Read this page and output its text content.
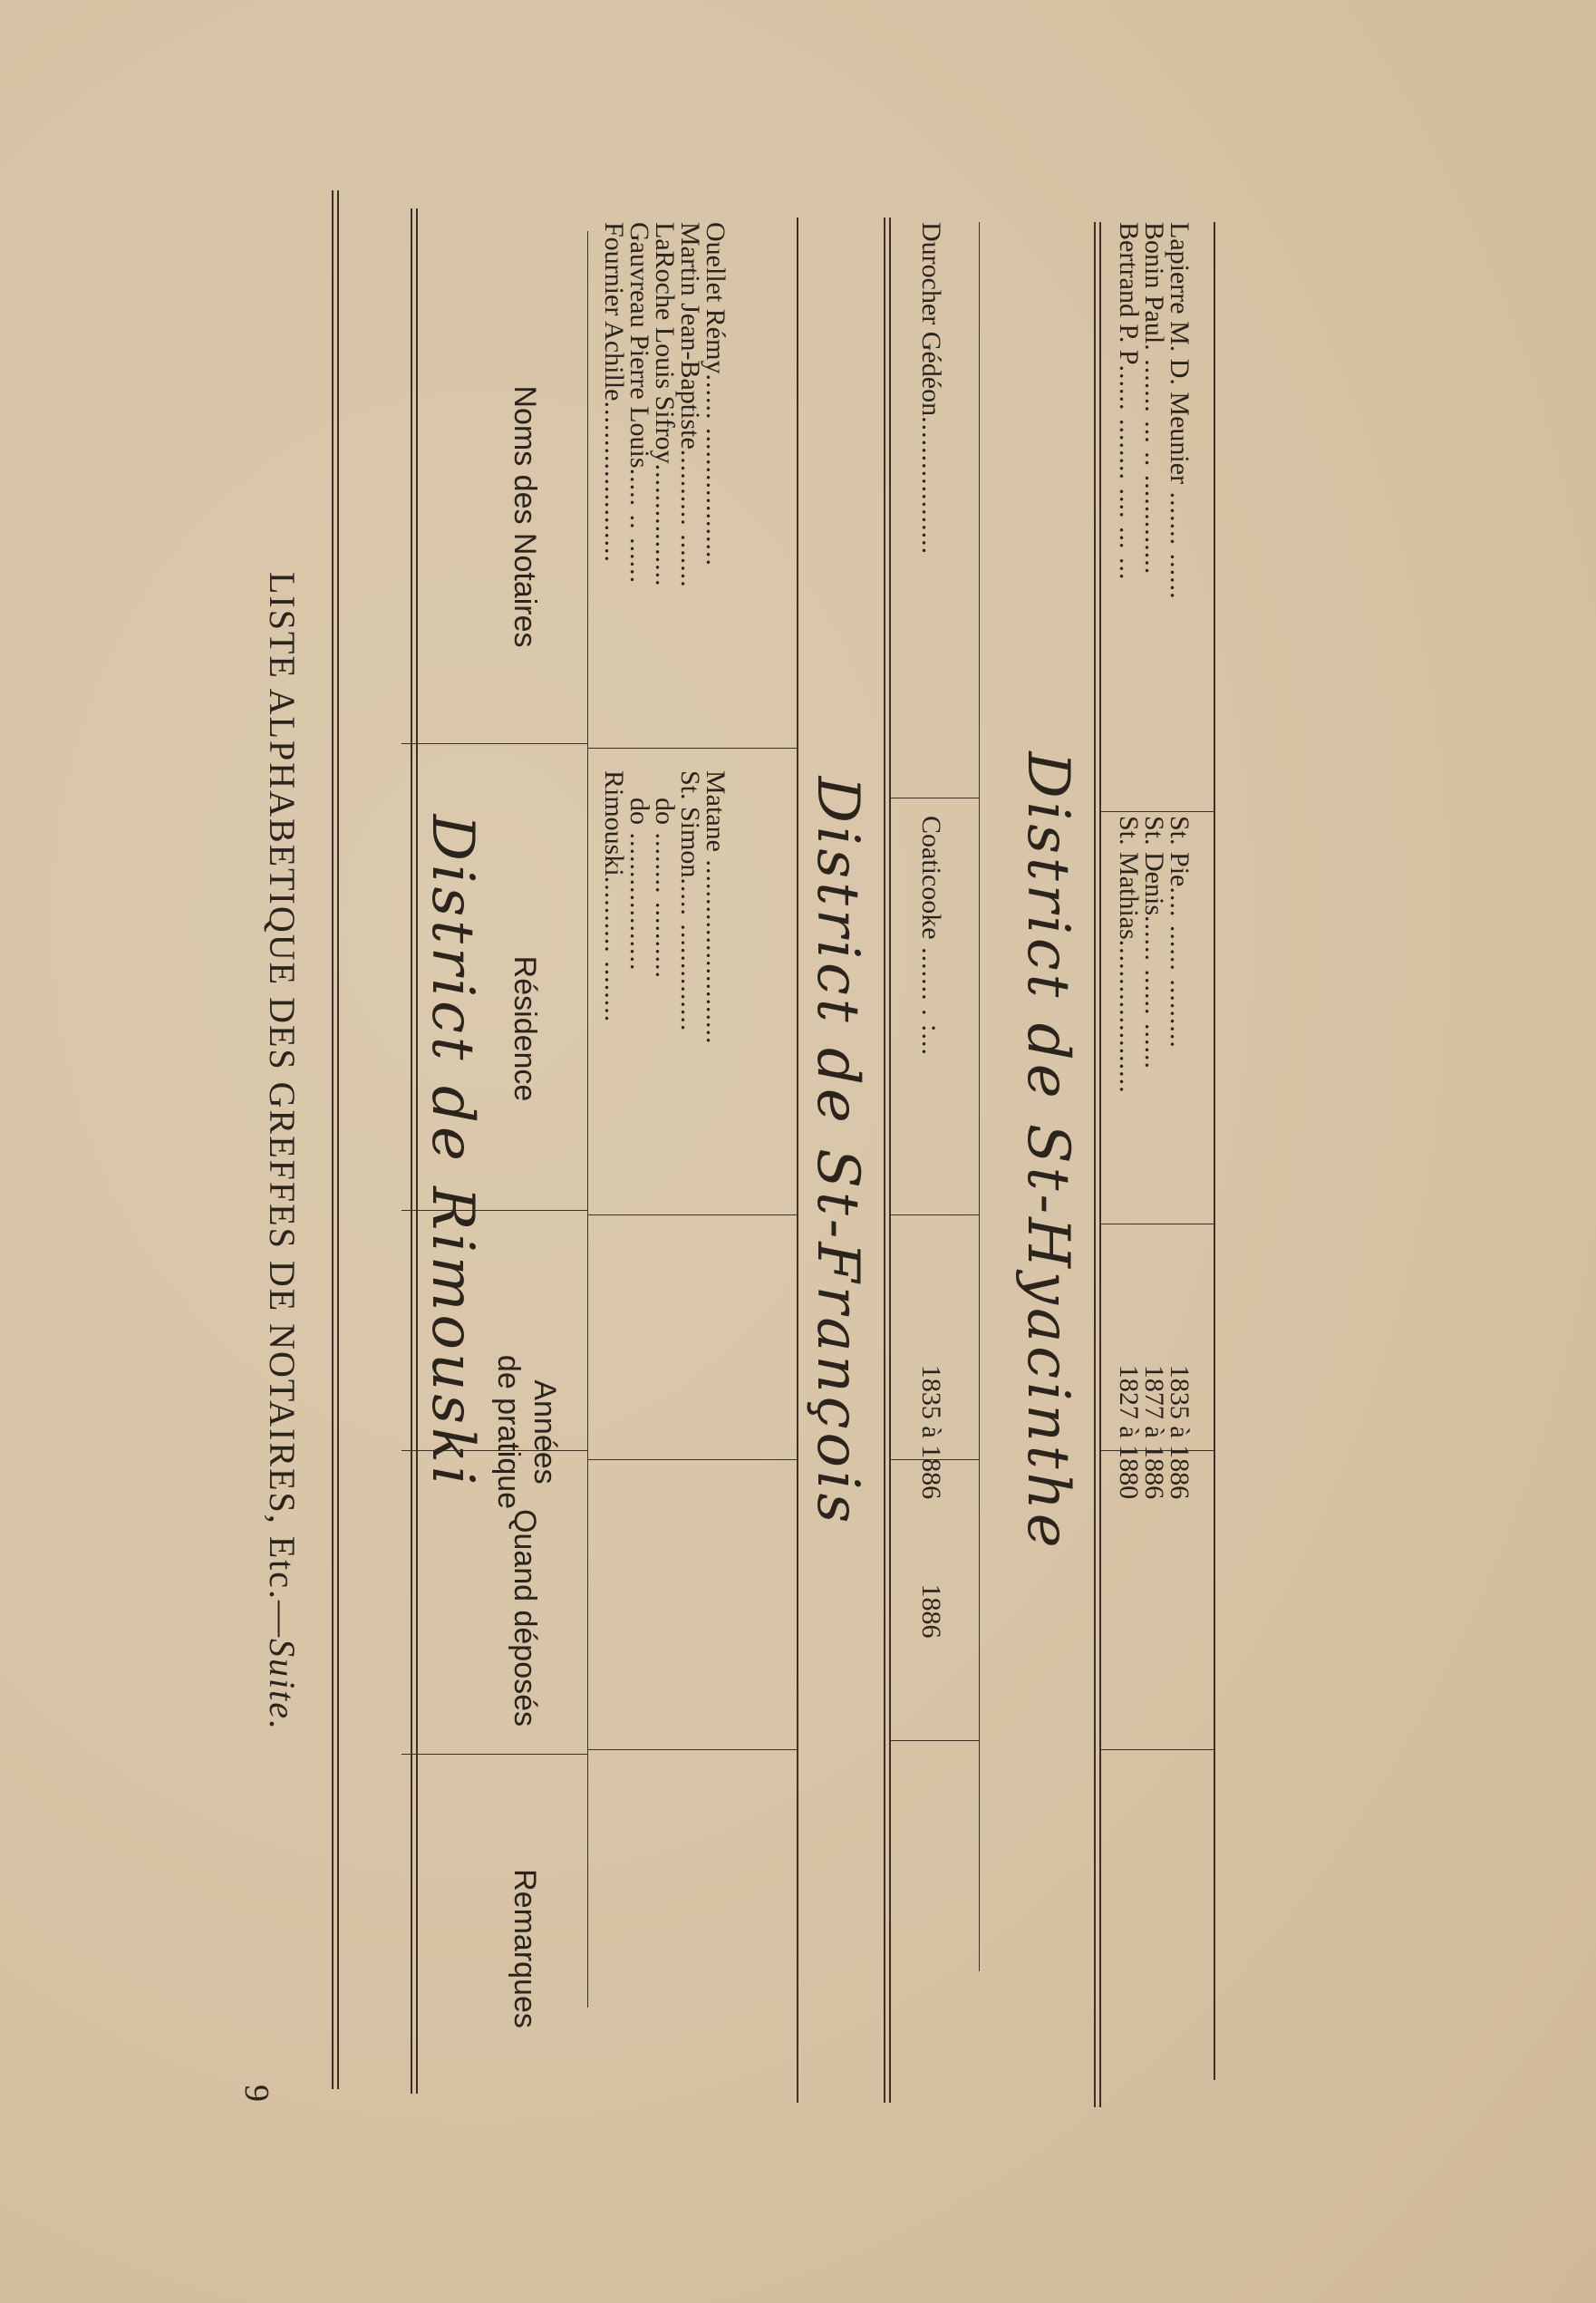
9
LISTE ALPHABETIQUE DES GREFFES DE NOTAIRES, Etc.—Suite.
District de Rimouski
Noms des Notaires
Résidence
Années
de pratique
Quand déposés
Remarques
Fournier Achille.....................
Gauvreau Pierre Louis..... .. ......
LaRoche Louis Sifroy................
Martin Jean-Baptiste.......... .......
Ouellet Rémy...... ..................
Rimouski.......... ........
do ..................
do ........ ..........
St. Simon..... ..............
Matane ........................ District de St-François
Durocher Gédéon..................
Coaticooke ....... . :...
1835 à 1886
1886
District de St-Hyacinthe
Bertrand P. P...... ........ .... ... ...
Bonin Paul. ....... ... .. .............
Lapierre M. D. Meunier ....... ......
St. Mathias....................
St. Denis...... ...... ......
St. Pie.... ...... .........
1827 à 1880
1877 à 1886
1835 à 1886
